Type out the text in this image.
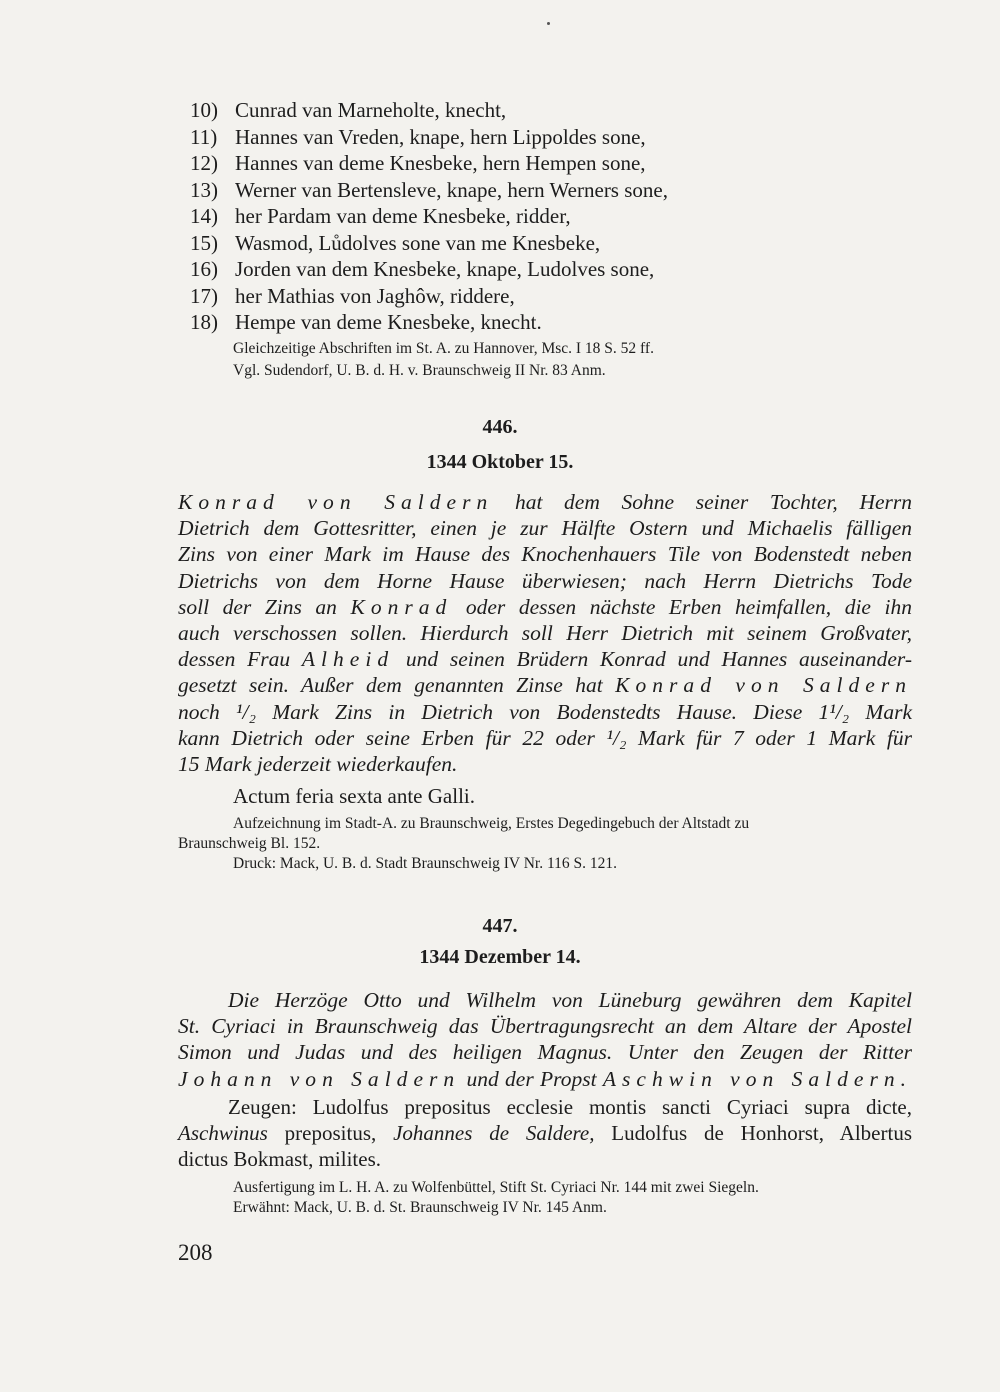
10) Cunrad van Marneholte, knecht,
11) Hannes van Vreden, knape, hern Lippoldes sone,
12) Hannes van deme Knesbeke, hern Hempen sone,
13) Werner van Bertensleve, knape, hern Werners sone,
14) her Pardam van deme Knesbeke, ridder,
15) Wasmod, Lůdolves sone van me Knesbeke,
16) Jorden van dem Knesbeke, knape, Ludolves sone,
17) her Mathias von Jaghôw, riddere,
18) Hempe van deme Knesbeke, knecht.
Gleichzeitige Abschriften im St. A. zu Hannover, Msc. I 18 S. 52 ff.
Vgl. Sudendorf, U. B. d. H. v. Braunschweig II Nr. 83 Anm.
446.
1344 Oktober 15.
Konrad von Saldern hat dem Sohne seiner Tochter, Herrn
Dietrich dem Gottesritter, einen je zur Hälfte Ostern und Michaelis fälligen
Zins von einer Mark im Hause des Knochenhauers Tile von Bodenstedt neben
Dietrichs von dem Horne Hause überwiesen; nach Herrn Dietrichs Tode
soll der Zins an Konrad oder dessen nächste Erben heimfallen, die ihn
auch verschossen sollen. Hierdurch soll Herr Dietrich mit seinem Großvater,
dessen Frau Alheid und seinen Brüdern Konrad und Hannes auseinander-
gesetzt sein. Außer dem genannten Zinse hat Konrad von Saldern
noch ¹/₂ Mark Zins in Dietrich von Bodenstedts Hause. Diese 1¹/₂ Mark
kann Dietrich oder seine Erben für 22 oder ¹/₂ Mark für 7 oder 1 Mark für
15 Mark jederzeit wiederkaufen.
Actum feria sexta ante Galli.
Aufzeichnung im Stadt-A. zu Braunschweig, Erstes Degedingebuch der Altstadt zu
Braunschweig Bl. 152.
Druck: Mack, U. B. d. Stadt Braunschweig IV Nr. 116 S. 121.
447.
1344 Dezember 14.
Die Herzöge Otto und Wilhelm von Lüneburg gewähren dem Kapitel
St. Cyriaci in Braunschweig das Übertragungsrecht an dem Altare der Apostel
Simon und Judas und des heiligen Magnus. Unter den Zeugen der Ritter
Johann von Saldern und der Propst Aschwin von Saldern.
Zeugen: Ludolfus prepositus ecclesie montis sancti Cyriaci supra dicte,
Aschwinus prepositus, Johannes de Saldere, Ludolfus de Honhorst, Albertus
dictus Bokmast, milites.
Ausfertigung im L. H. A. zu Wolfenbüttel, Stift St. Cyriaci Nr. 144 mit zwei Siegeln.
Erwähnt: Mack, U. B. d. St. Braunschweig IV Nr. 145 Anm.
208
